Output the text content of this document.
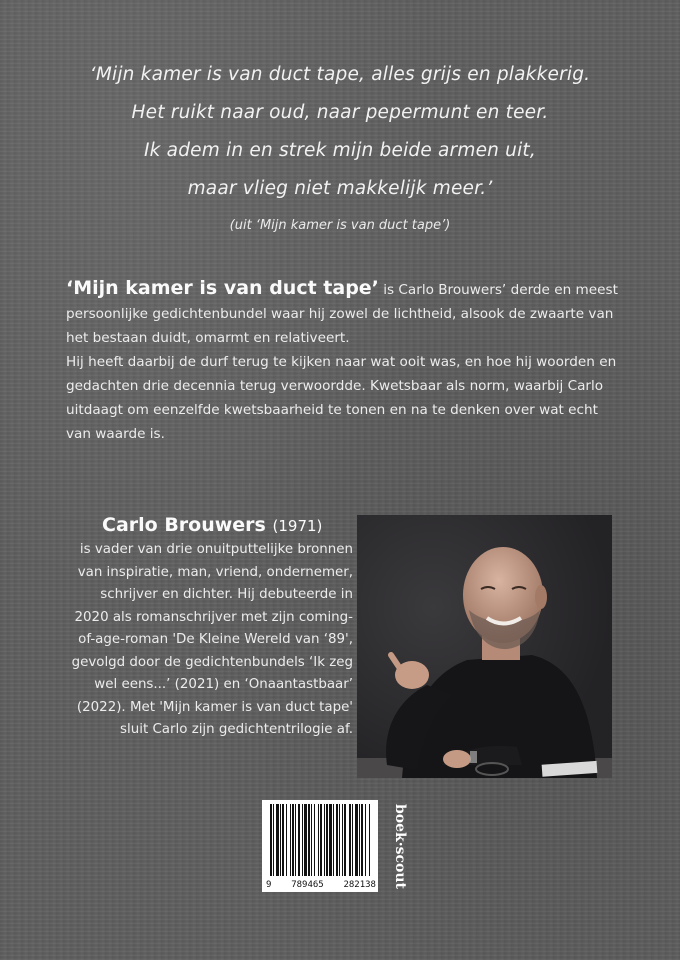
‘Mijn kamer is van duct tape, alles grijs en plakkerig.
Het ruikt naar oud, naar pepermunt en teer.
Ik adem in en strek mijn beide armen uit,
maar vlieg niet makkelijk meer.’
(uit ‘Mijn kamer is van duct tape’)

‘Mijn kamer is van duct tape’ is Carlo Brouwers’ derde en meest persoonlijke gedichtenbundel waar hij zowel de lichtheid, alsook de zwaarte van het bestaan duidt, omarmt en relativeert.

Hij heeft daarbij de durf terug te kijken naar wat ooit was, en hoe hij woorden en gedachten drie decennia terug verwoordde. Kwetsbaar als norm, waarbij Carlo uitdaagt om eenzelfde kwetsbaarheid te tonen en na te denken over wat echt van waarde is.

Carlo Brouwers (1971)
is vader van drie onuitputtelijke bronnen van inspiratie, man, vriend, ondernemer, schrijver en dichter. Hij debuteerde in 2020 als romanschrijver met zijn coming-of-age-roman 'De Kleine Wereld van ‘89', gevolgd door de gedichtenbundels ‘Ik zeg wel eens...’ (2021) en ‘Onaantastbaar’ (2022). Met 'Mijn kamer is van duct tape' sluit Carlo zijn gedichtentrilogie af.
9 789465 282138 boek·scout
